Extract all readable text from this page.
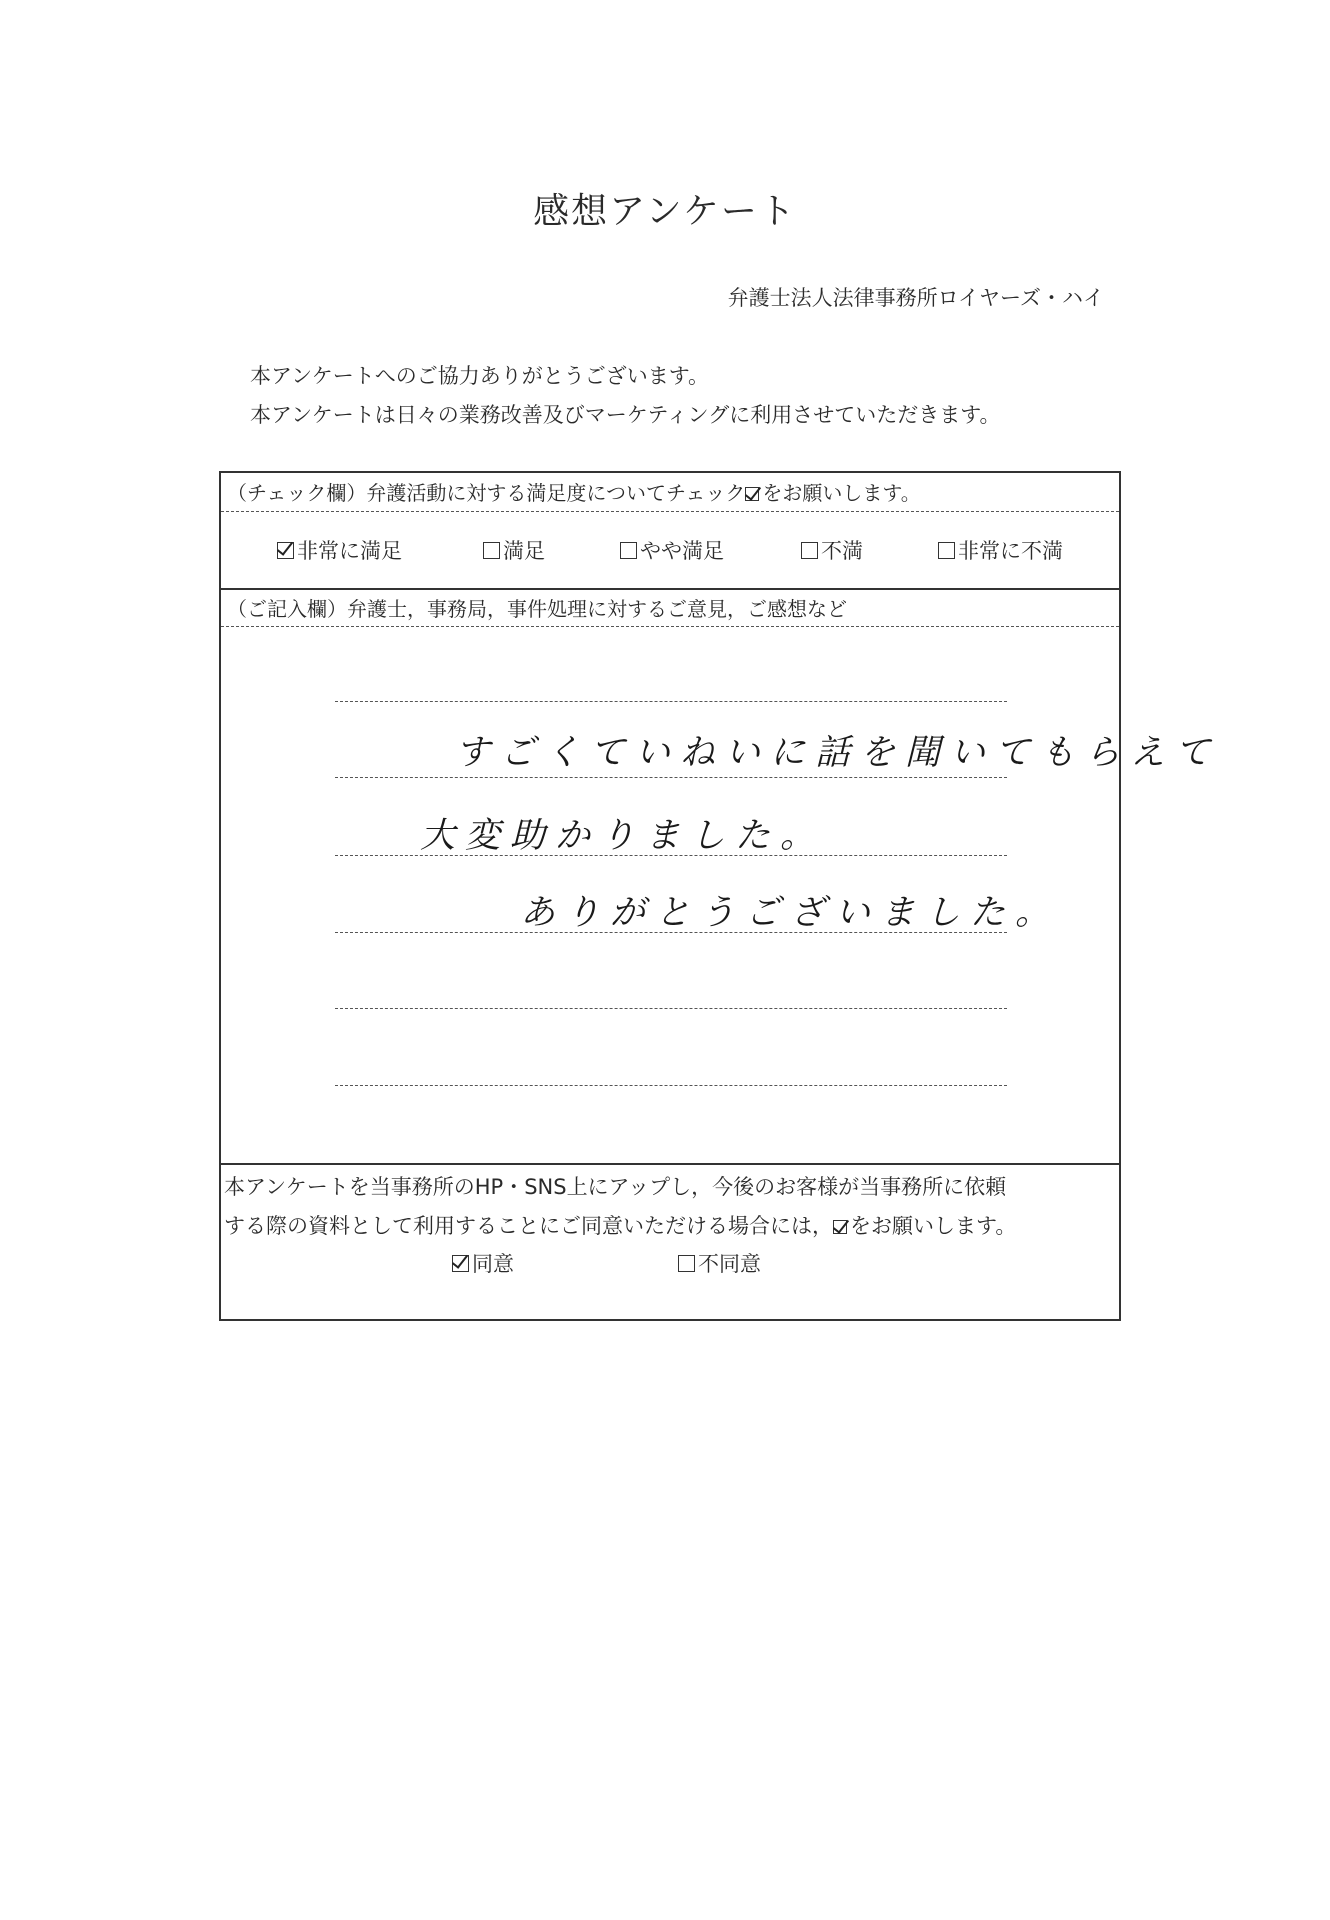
感想アンケート
弁護士法人法律事務所ロイヤーズ・ハイ
本アンケートへのご協力ありがとうございます。
本アンケートは日々の業務改善及びマーケティングに利用させていただきます。
（チェック欄）弁護活動に対する満足度についてチェック をお願いします。
非常に満足	満足	やや満足	不満	非常に不満
（ご記入欄）弁護士，事務局，事件処理に対するご意見，ご感想など
すごくていねいに話を聞いてもらえて
大変助かりました。
ありがとうございました。
本アンケートを当事務所のHP・SNS上にアップし，今後のお客様が当事務所に依頼
する際の資料として利用することにご同意いただける場合には， をお願いします。
同意	不同意
